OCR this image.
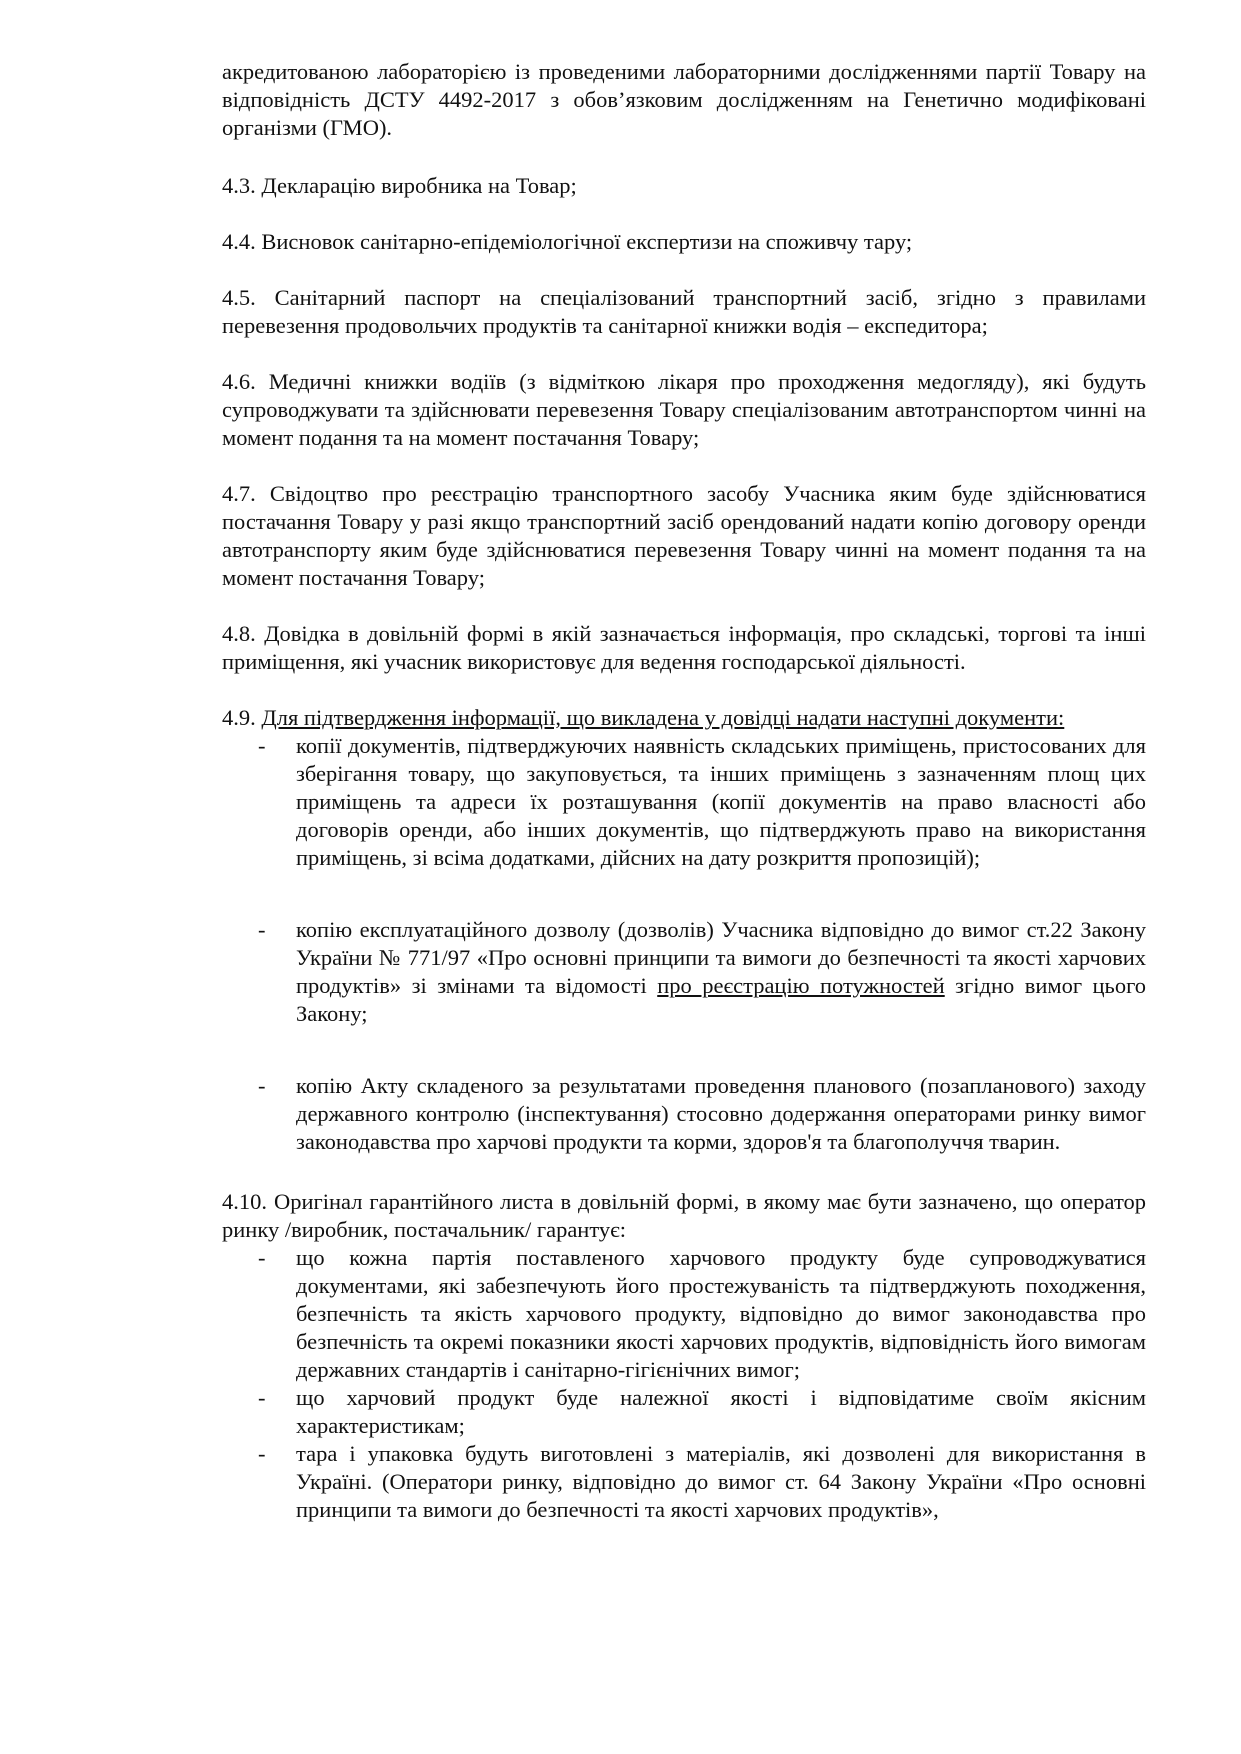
акредитованою лабораторією із проведеними лабораторними дослідженнями партії Товару на відповідність ДСТУ 4492-2017 з обов’язковим дослідженням на Генетично модифіковані організми (ГМО).

4.3. Декларацію виробника на Товар;

4.4. Висновок санітарно-епідеміологічної експертизи на споживчу тару;

4.5. Санітарний паспорт на спеціалізований транспортний засіб, згідно з правилами перевезення продовольчих продуктів та санітарної книжки водія – експедитора;

4.6. Медичні книжки водіїв (з відміткою лікаря про проходження медогляду), які будуть супроводжувати та здійснювати перевезення Товару спеціалізованим автотранспортом чинні на момент подання та на момент постачання Товару;

4.7. Свідоцтво про реєстрацію транспортного засобу Учасника яким буде здійснюватися постачання Товару у разі якщо транспортний засіб орендований надати копію договору оренди автотранспорту яким буде здійснюватися перевезення Товару чинні на момент подання та на момент постачання Товару;

4.8. Довідка в довільній формі в якій зазначається інформація, про складські, торгові та інші приміщення, які учасник використовує для ведення господарської діяльності.

4.9. Для підтвердження інформації, що викладена у довідці надати наступні документи:

- копії документів, підтверджуючих наявність складських приміщень, пристосованих для зберігання товару, що закуповується, та інших приміщень з зазначенням площ цих приміщень та адреси їх розташування (копії документів на право власності або договорів оренди, або інших документів, що підтверджують право на використання приміщень, зі всіма додатками, дійсних на дату розкриття пропозицій);

- копію експлуатаційного дозволу (дозволів) Учасника відповідно до вимог ст.22 Закону України № 771/97 «Про основні принципи та вимоги до безпечності та якості харчових продуктів» зі змінами та відомості про реєстрацію потужностей згідно вимог цього Закону;

- копію Акту складеного за результатами проведення планового (позапланового) заходу державного контролю (інспектування) стосовно додержання операторами ринку вимог законодавства про харчові продукти та корми, здоров'я та благополуччя тварин.

4.10. Оригінал гарантійного листа в довільній формі, в якому має бути зазначено, що оператор ринку /виробник, постачальник/ гарантує:

- що кожна партія поставленого харчового продукту буде супроводжуватися документами, які забезпечують його простежуваність та підтверджують походження, безпечність та якість харчового продукту, відповідно до вимог законодавства про безпечність та окремі показники якості харчових продуктів, відповідність його вимогам державних стандартів і санітарно-гігієнічних вимог;

- що харчовий продукт буде належної якості і відповідатиме своїм якісним характеристикам;

- тара і упаковка будуть виготовлені з матеріалів, які дозволені для використання в Україні. (Оператори ринку, відповідно до вимог ст. 64 Закону України «Про основні принципи та вимоги до безпечності та якості харчових продуктів»,
